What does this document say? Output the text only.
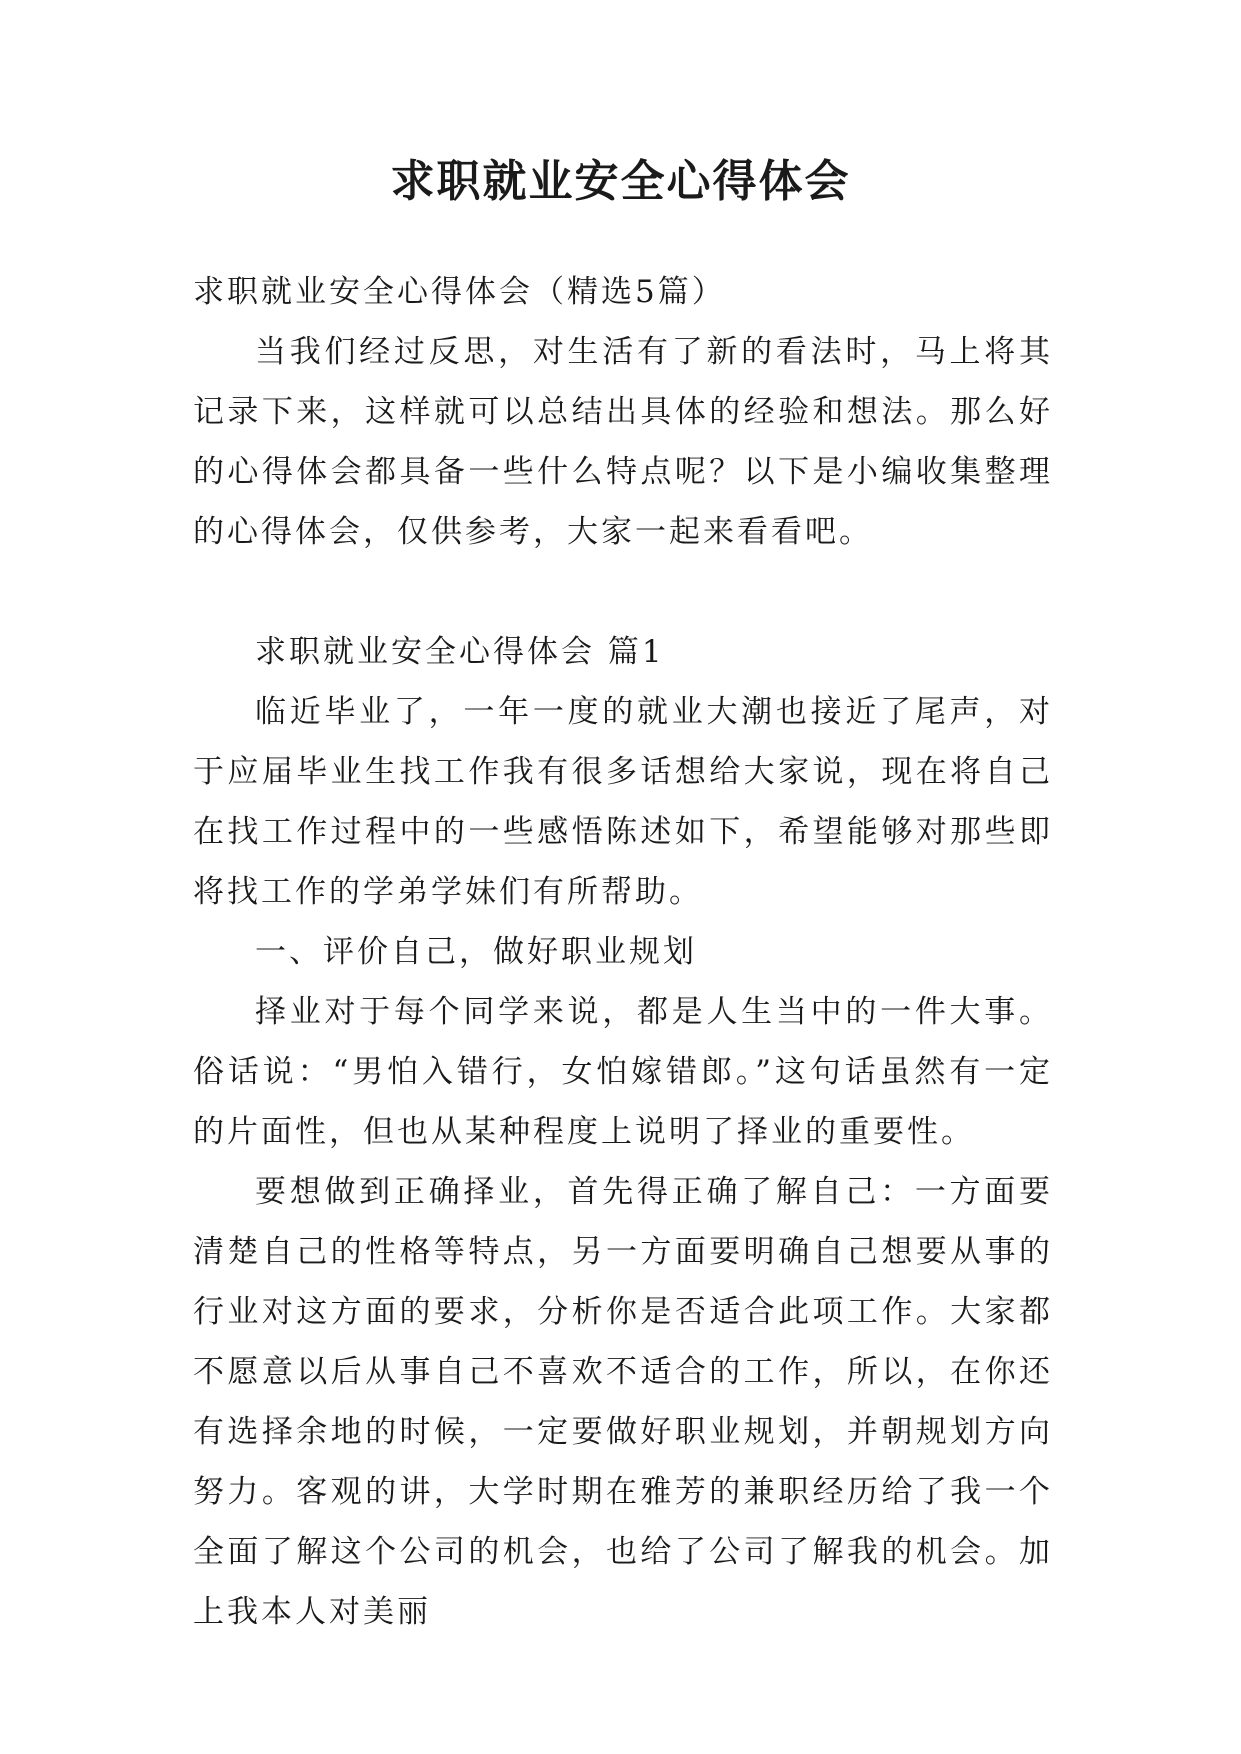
求职就业安全心得体会

求职就业安全心得体会（精选5篇）

当我们经过反思，对生活有了新的看法时，马上将其记录下来，这样就可以总结出具体的经验和想法。那么好的心得体会都具备一些什么特点呢？以下是小编收集整理的心得体会，仅供参考，大家一起来看看吧。

求职就业安全心得体会 篇1

临近毕业了，一年一度的就业大潮也接近了尾声，对于应届毕业生找工作我有很多话想给大家说，现在将自己在找工作过程中的一些感悟陈述如下，希望能够对那些即将找工作的学弟学妹们有所帮助。

一、评价自己，做好职业规划

择业对于每个同学来说，都是人生当中的一件大事。俗话说：“男怕入错行，女怕嫁错郎。”这句话虽然有一定的片面性，但也从某种程度上说明了择业的重要性。

要想做到正确择业，首先得正确了解自己：一方面要清楚自己的性格等特点，另一方面要明确自己想要从事的行业对这方面的要求，分析你是否适合此项工作。大家都不愿意以后从事自己不喜欢不适合的工作，所以，在你还有选择余地的时候，一定要做好职业规划，并朝规划方向努力。客观的讲，大学时期在雅芳的兼职经历给了我一个全面了解这个公司的机会，也给了公司了解我的机会。加上我本人对美丽
